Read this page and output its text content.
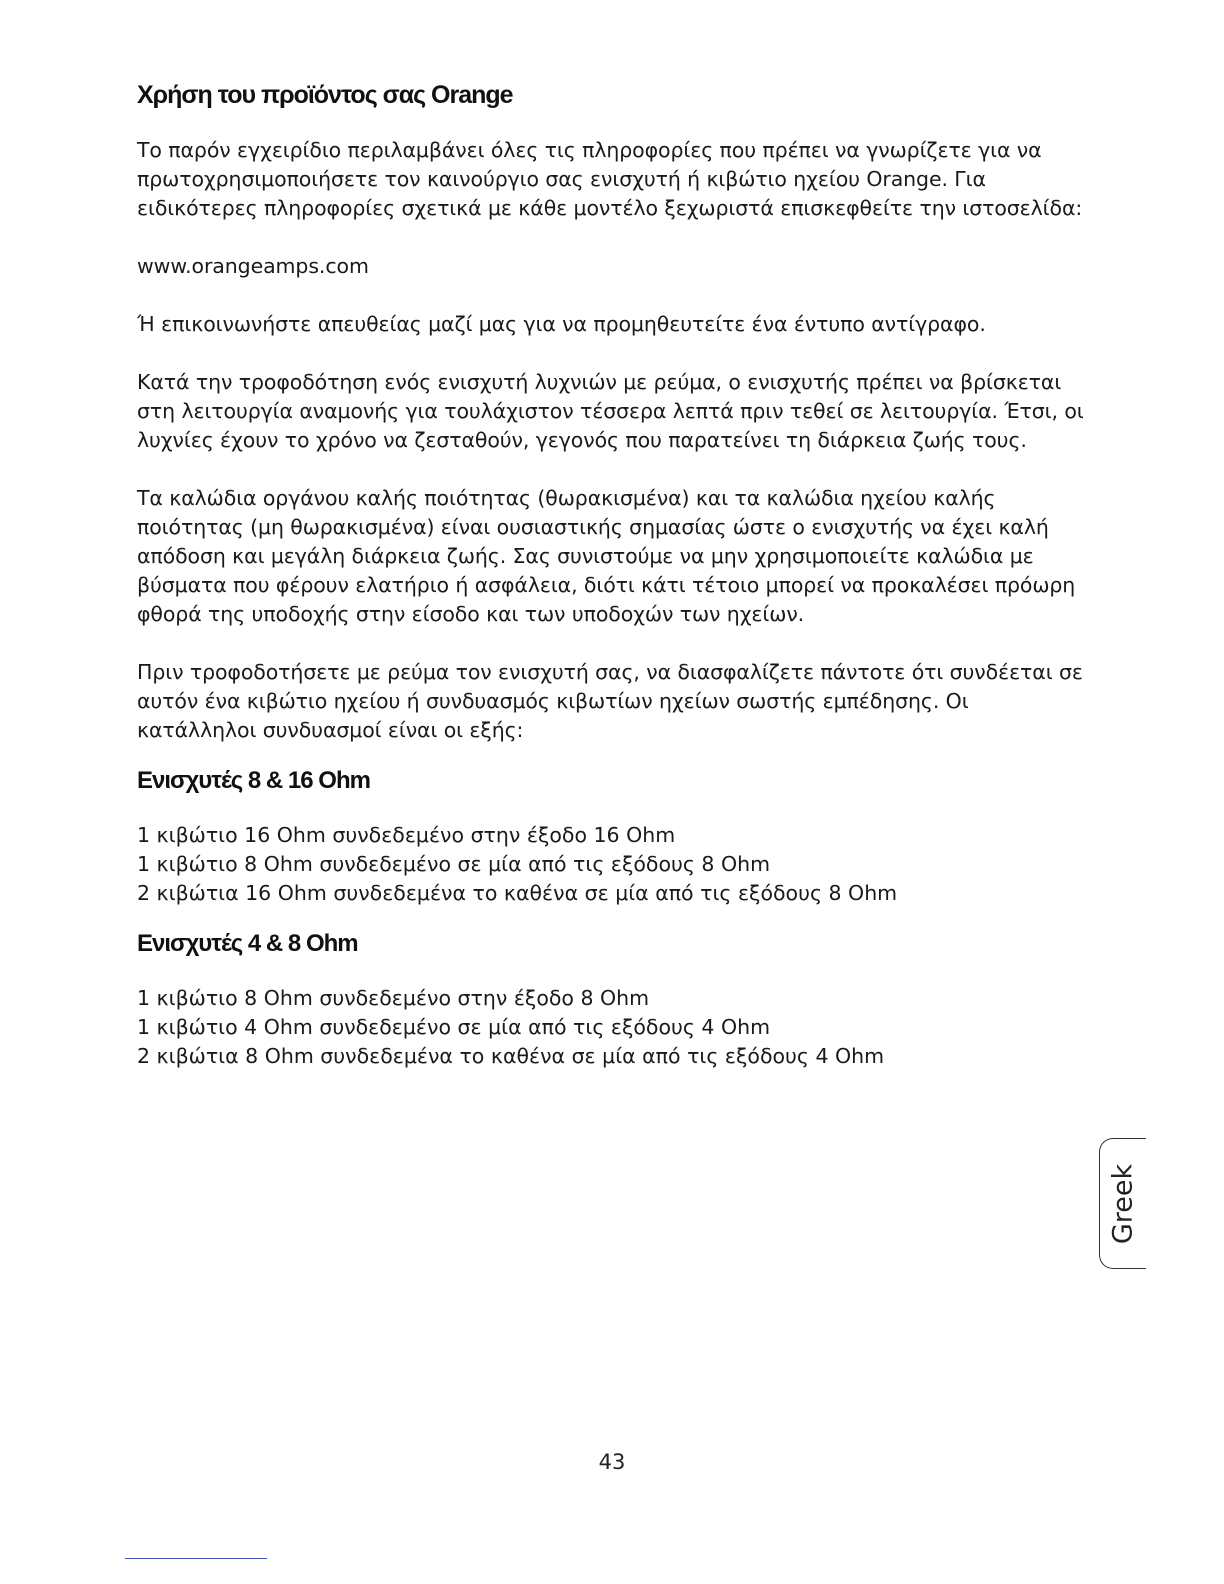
Χρήση του προϊόντος σας Orange

Το παρόν εγχειρίδιο περιλαμβάνει όλες τις πληροφορίες που πρέπει να γνωρίζετε για να πρωτοχρησιμοποιήσετε τον καινούργιο σας ενισχυτή ή κιβώτιο ηχείου Orange. Για ειδικότερες πληροφορίες σχετικά με κάθε μοντέλο ξεχωριστά επισκεφθείτε την ιστοσελίδα:

www.orangeamps.com

Ή επικοινωνήστε απευθείας μαζί μας για να προμηθευτείτε ένα έντυπο αντίγραφο.

Κατά την τροφοδότηση ενός ενισχυτή λυχνιών με ρεύμα, ο ενισχυτής πρέπει να βρίσκεται στη λειτουργία αναμονής για τουλάχιστον τέσσερα λεπτά πριν τεθεί σε λειτουργία. Έτσι, οι λυχνίες έχουν το χρόνο να ζεσταθούν, γεγονός που παρατείνει τη διάρκεια ζωής τους.

Τα καλώδια οργάνου καλής ποιότητας (θωρακισμένα) και τα καλώδια ηχείου καλής ποιότητας (μη θωρακισμένα) είναι ουσιαστικής σημασίας ώστε ο ενισχυτής να έχει καλή απόδοση και μεγάλη διάρκεια ζωής. Σας συνιστούμε να μην χρησιμοποιείτε καλώδια με βύσματα που φέρουν ελατήριο ή ασφάλεια, διότι κάτι τέτοιο μπορεί να προκαλέσει πρόωρη φθορά της υποδοχής στην είσοδο και των υποδοχών των ηχείων.

Πριν τροφοδοτήσετε με ρεύμα τον ενισχυτή σας, να διασφαλίζετε πάντοτε ότι συνδέεται σε αυτόν ένα κιβώτιο ηχείου ή συνδυασμός κιβωτίων ηχείων σωστής εμπέδησης. Οι κατάλληλοι συνδυασμοί είναι οι εξής:

Ενισχυτές 8 & 16 Ohm
1 κιβώτιο 16 Ohm συνδεδεμένο στην έξοδο 16 Ohm
1 κιβώτιο 8 Ohm συνδεδεμένο σε μία από τις εξόδους 8 Ohm
2 κιβώτια 16 Ohm συνδεδεμένα το καθένα σε μία από τις εξόδους 8 Ohm
Ενισχυτές 4 & 8 Ohm
1 κιβώτιο 8 Ohm συνδεδεμένο στην έξοδο 8 Ohm
1 κιβώτιο 4 Ohm συνδεδεμένο σε μία από τις εξόδους 4 Ohm
2 κιβώτια 8 Ohm συνδεδεμένα το καθένα σε μία από τις εξόδους 4 Ohm
Greek
43
